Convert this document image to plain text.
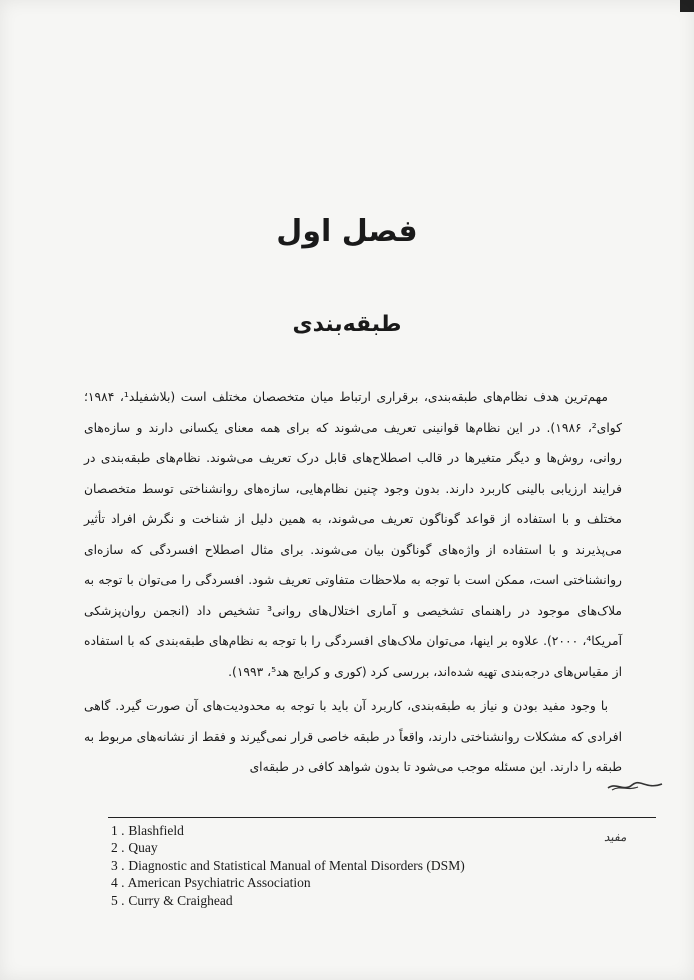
فصل اول
طبقه‌بندی

مهم‌ترین هدف نظام‌های طبقه‌بندی، برقراری ارتباط میان متخصصان مختلف است (بلاشفیلد¹، ۱۹۸۴؛ کوای²، ۱۹۸۶). در این نظام‌ها قوانینی تعریف می‌شوند که برای همه معنای یکسانی دارند و سازه‌های روانی، روش‌ها و دیگر متغیرها در قالب اصطلاح‌های قابل درک تعریف می‌شوند. نظام‌های طبقه‌بندی در فرایند ارزیابی بالینی کاربرد دارند. بدون وجود چنین نظام‌هایی، سازه‌های روانشناختی توسط متخصصان مختلف و با استفاده از قواعد گوناگون تعریف می‌شوند، به همین دلیل از شناخت و نگرش افراد تأثیر می‌پذیرند و با استفاده از واژه‌های گوناگون بیان می‌شوند. برای مثال اصطلاح افسردگی که سازه‌ای روانشناختی است، ممکن است با توجه به ملاحظات متفاوتی تعریف شود. افسردگی را می‌توان با توجه به ملاک‌های موجود در راهنمای تشخیصی و آماری اختلال‌های روانی³ تشخیص داد (انجمن روان‌پزشکی آمریکا⁴، ۲۰۰۰). علاوه بر اینها، می‌توان ملاک‌های افسردگی را با توجه به نظام‌های طبقه‌بندی که با استفاده از مقیاس‌های درجه‌بندی تهیه شده‌اند، بررسی کرد (کوری و کرایج هد⁵، ۱۹۹۳).

با وجود مفید بودن و نیاز به طبقه‌بندی، کاربرد آن باید با توجه به محدودیت‌های آن صورت گیرد. گاهی افرادی که مشکلات روانشناختی دارند، واقعاً در طبقه خاصی قرار نمی‌گیرند و فقط از نشانه‌های مربوط به طبقه را دارند. این مسئله موجب می‌شود تا بدون شواهد کافی در طبقه‌ای

مفید
1 . Blashfield
2 . Quay
3 . Diagnostic and Statistical Manual of Mental Disorders (DSM)
4 . American Psychiatric Association
5 . Curry & Craighead
